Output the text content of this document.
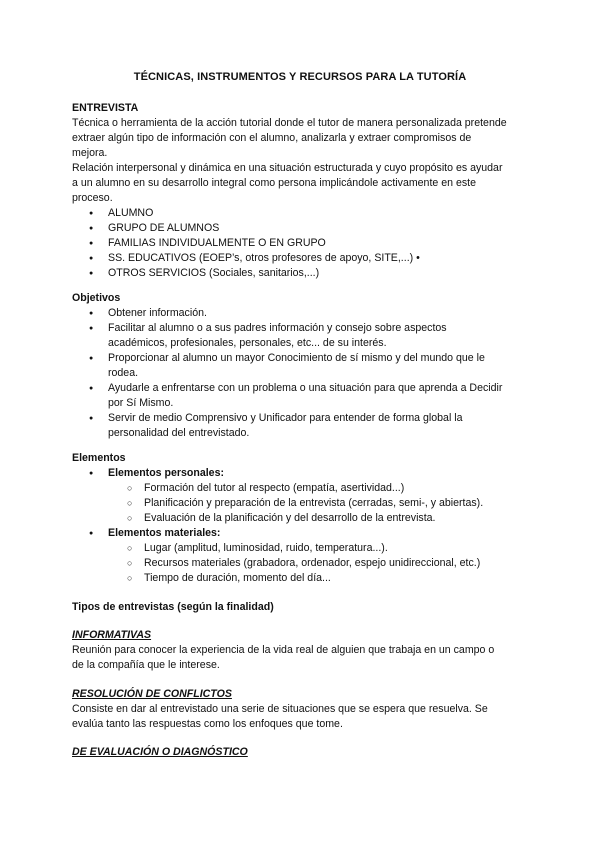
TÉCNICAS, INSTRUMENTOS Y RECURSOS PARA LA TUTORÍA

ENTREVISTA

Técnica o herramienta de la acción tutorial donde el tutor de manera personalizada pretende
extraer algún tipo de información con el alumno, analizarla y extraer compromisos de
mejora.

Relación interpersonal y dinámica en una situación estructurada y cuyo propósito es ayudar
a un alumno en su desarrollo integral como persona implicándole activamente en este
proceso.

● ALUMNO
● GRUPO DE ALUMNOS
● FAMILIAS INDIVIDUALMENTE O EN GRUPO
● SS. EDUCATIVOS (EOEP’s, otros profesores de apoyo, SITE,...) •
● OTROS SERVICIOS (Sociales, sanitarios,...)

Objetivos

● Obtener información.
● Facilitar al alumno o a sus padres información y consejo sobre aspectos
académicos, profesionales, personales, etc... de su interés.
● Proporcionar al alumno un mayor Conocimiento de sí mismo y del mundo que le
rodea.
● Ayudarle a enfrentarse con un problema o una situación para que aprenda a Decidir
por Sí Mismo.
● Servir de medio Comprensivo y Unificador para entender de forma global la
personalidad del entrevistado.

Elementos

● Elementos personales:
○ Formación del tutor al respecto (empatía, asertividad...)
○ Planificación y preparación de la entrevista (cerradas, semi-, y abiertas).
○ Evaluación de la planificación y del desarrollo de la entrevista.
● Elementos materiales:
○ Lugar (amplitud, luminosidad, ruido, temperatura...).
○ Recursos materiales (grabadora, ordenador, espejo unidireccional, etc.)
○ Tiempo de duración, momento del día...

Tipos de entrevistas (según la finalidad)

INFORMATIVAS

Reunión para conocer la experiencia de la vida real de alguien que trabaja en un campo o
de la compañía que le interese.

RESOLUCIÓN DE CONFLICTOS

Consiste en dar al entrevistado una serie de situaciones que se espera que resuelva. Se
evalúa tanto las respuestas como los enfoques que tome.

DE EVALUACIÓN O DIAGNÓSTICO
